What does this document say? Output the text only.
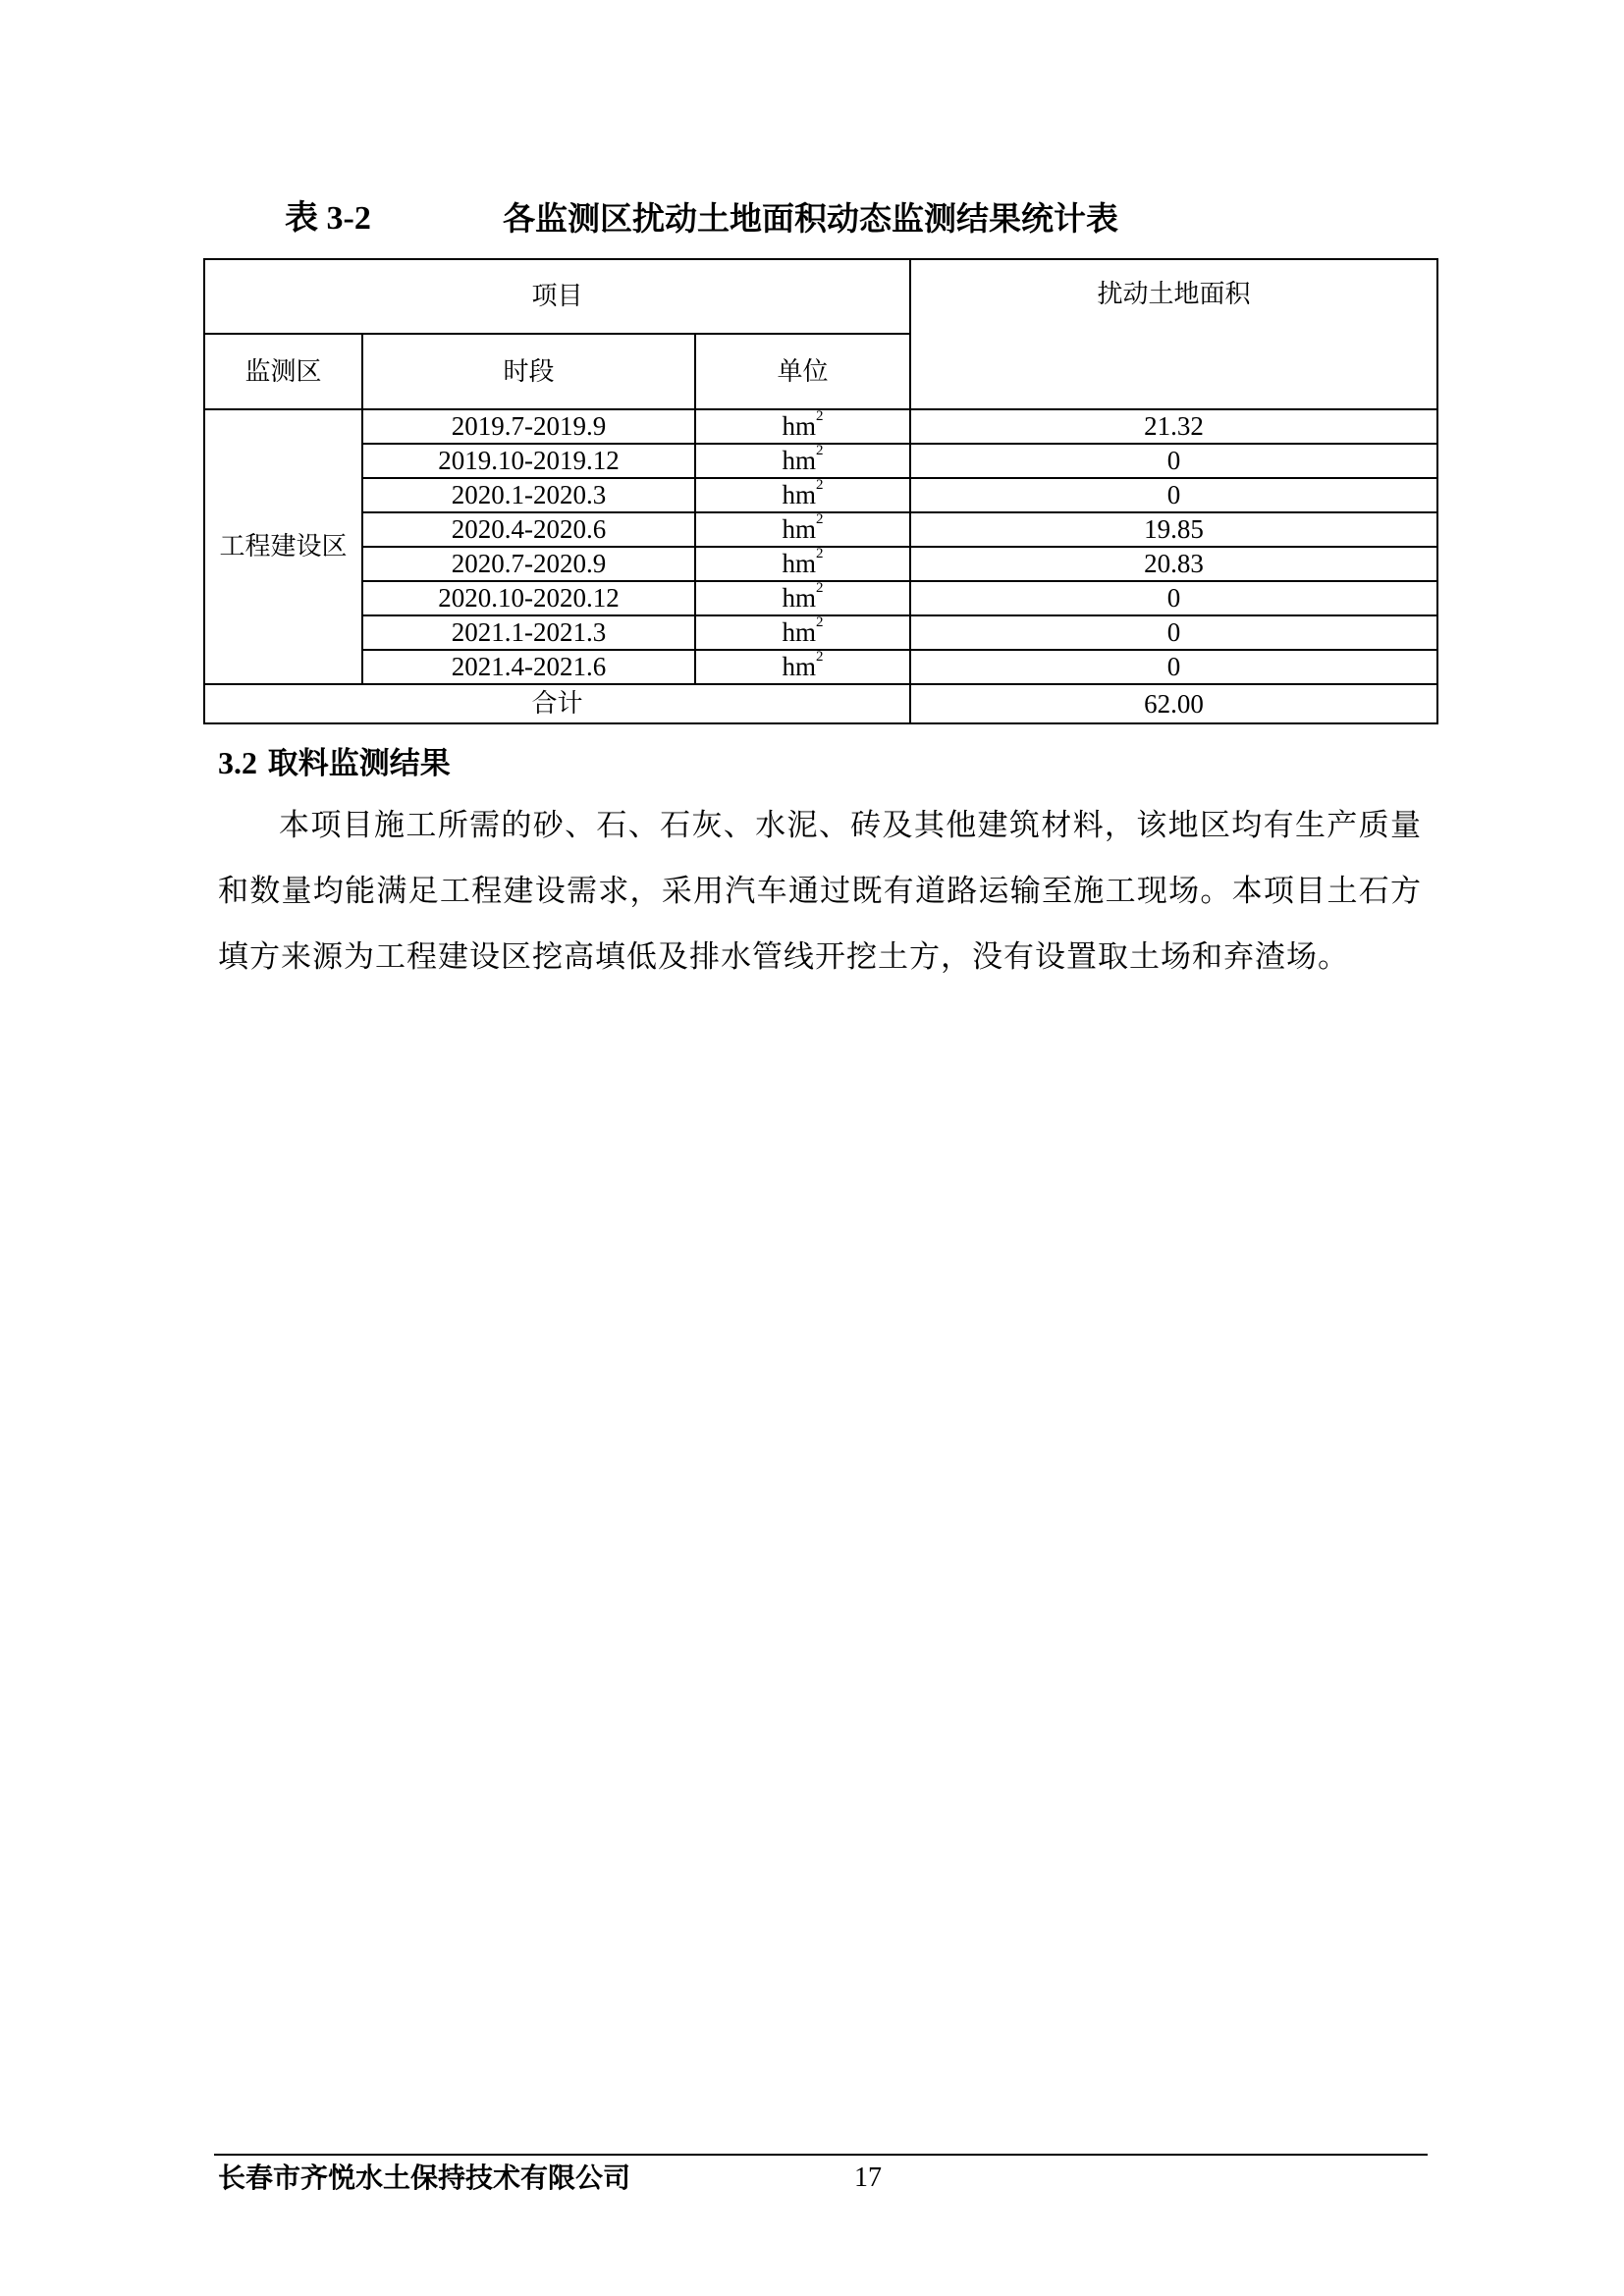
表 3-2	各监测区扰动土地面积动态监测结果统计表
项目			扰动土地面积
监测区	时段	单位	
工程建设区	2019.7-2019.9	$hm^2$	21.32
	2019.10-2019.12	$hm^2$	0
	2020.1-2020.3	$hm^2$	0
	2020.4-2020.6	$hm^2$	19.85
	2020.7-2020.9	$hm^2$	20.83
	2020.10-2020.12	$hm^2$	0
	2021.1-2021.3	$hm^2$	0
	2021.4-2021.6	$hm^2$	0
合计			62.00
3.2 取料监测结果

本项目施工所需的砂、石、石灰、水泥、砖及其他建筑材料，该地区均有生产质量和数量均能满足工程建设需求，采用汽车通过既有道路运输至施工现场。本项目土石方填方来源为工程建设区挖高填低及排水管线开挖土方，没有设置取土场和弃渣场。

长春市齐悦水土保持技术有限公司	17
